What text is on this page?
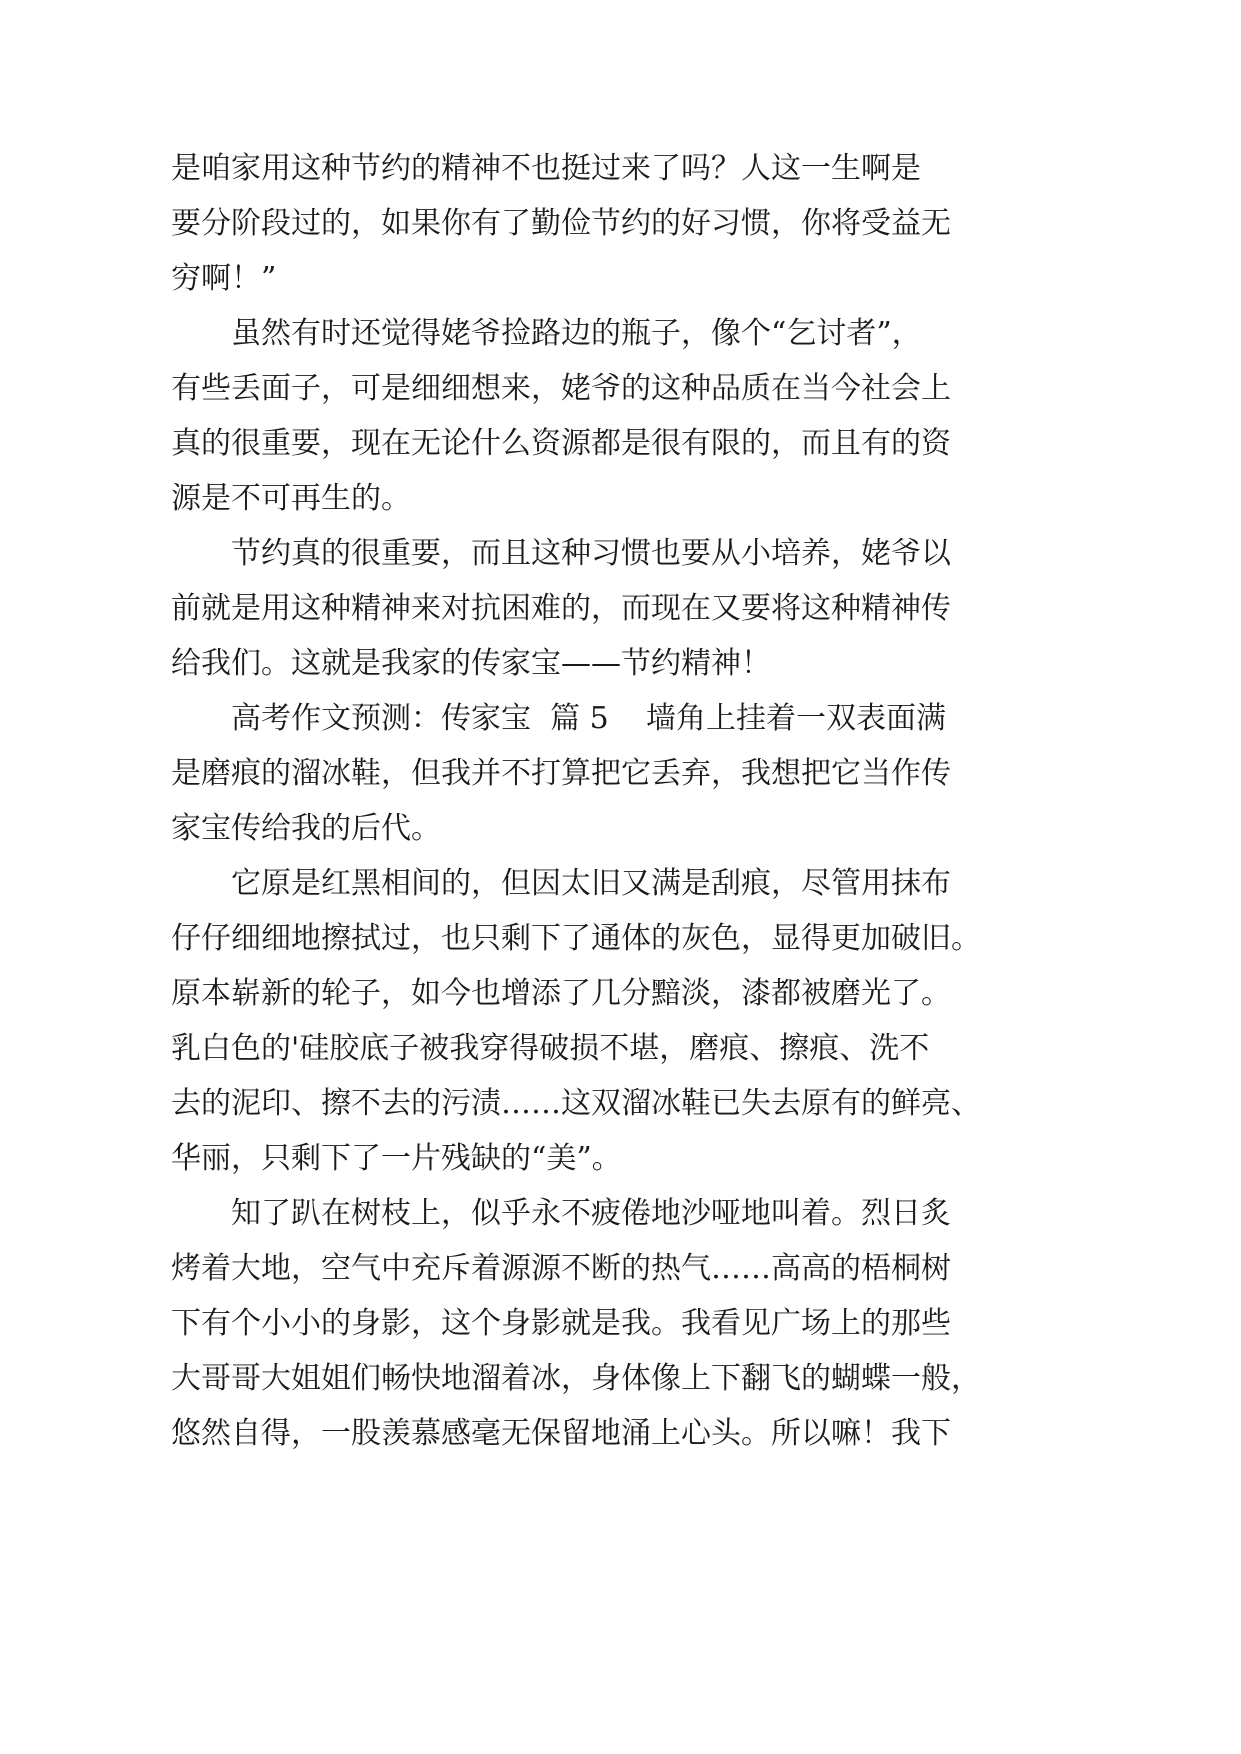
是咱家用这种节约的精神不也挺过来了吗？人这一生啊是
要分阶段过的，如果你有了勤俭节约的好习惯，你将受益无
穷啊！”
虽然有时还觉得姥爷捡路边的瓶子，像个“乞讨者”，
有些丢面子，可是细细想来，姥爷的这种品质在当今社会上
真的很重要，现在无论什么资源都是很有限的，而且有的资
源是不可再生的。
节约真的很重要，而且这种习惯也要从小培养，姥爷以
前就是用这种精神来对抗困难的，而现在又要将这种精神传
给我们。这就是我家的传家宝——节约精神！

高考作文预测：传家宝  篇 5

墙角上挂着一双表面满

是磨痕的溜冰鞋，但我并不打算把它丢弃，我想把它当作传
家宝传给我的后代。
它原是红黑相间的，但因太旧又满是刮痕，尽管用抹布
仔仔细细地擦拭过，也只剩下了通体的灰色，显得更加破旧。
原本崭新的轮子，如今也增添了几分黯淡，漆都被磨光了。
乳白色的'硅胶底子被我穿得破损不堪，磨痕、擦痕、洗不
去的泥印、擦不去的污渍……这双溜冰鞋已失去原有的鲜亮、
华丽，只剩下了一片残缺的“美”。
知了趴在树枝上，似乎永不疲倦地沙哑地叫着。烈日炙
烤着大地，空气中充斥着源源不断的热气……高高的梧桐树
下有个小小的身影，这个身影就是我。我看见广场上的那些
大哥哥大姐姐们畅快地溜着冰，身体像上下翻飞的蝴蝶一般，
悠然自得，一股羡慕感毫无保留地涌上心头。所以嘛！我下
